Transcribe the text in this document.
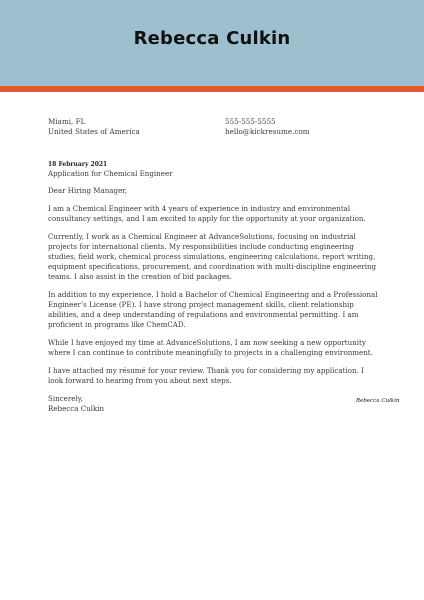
Rebecca Culkin
Miami, FL
United States of America
555-555-5555
hello@kickresume.com
18 February 2021

Application for Chemical Engineer

Dear Hiring Manager,

I am a Chemical Engineer with 4 years of experience in industry and environmental consultancy settings, and I am excited to apply for the opportunity at your organization.

Currently, I work as a Chemical Engineer at AdvanceSolutions, focusing on industrial projects for international clients. My responsibilities include conducting engineering studies, field work, chemical process simulations, engineering calculations, report writing, equipment specifications, procurement, and coordination with multi-discipline engineering teams. I also assist in the creation of bid packages.

In addition to my experience, I hold a Bachelor of Chemical Engineering and a Professional Engineer’s License (PE). I have strong project management skills, client relationship abilities, and a deep understanding of regulations and environmental permitting. I am proficient in programs like ChemCAD.

While I have enjoyed my time at AdvanceSolutions, I am now seeking a new opportunity where I can continue to contribute meaningfully to projects in a challenging environment.

I have attached my résumé for your review. Thank you for considering my application. I look forward to hearing from you about next steps.

Sincerely,
Rebecca Culkin

Rebecca Culkin
